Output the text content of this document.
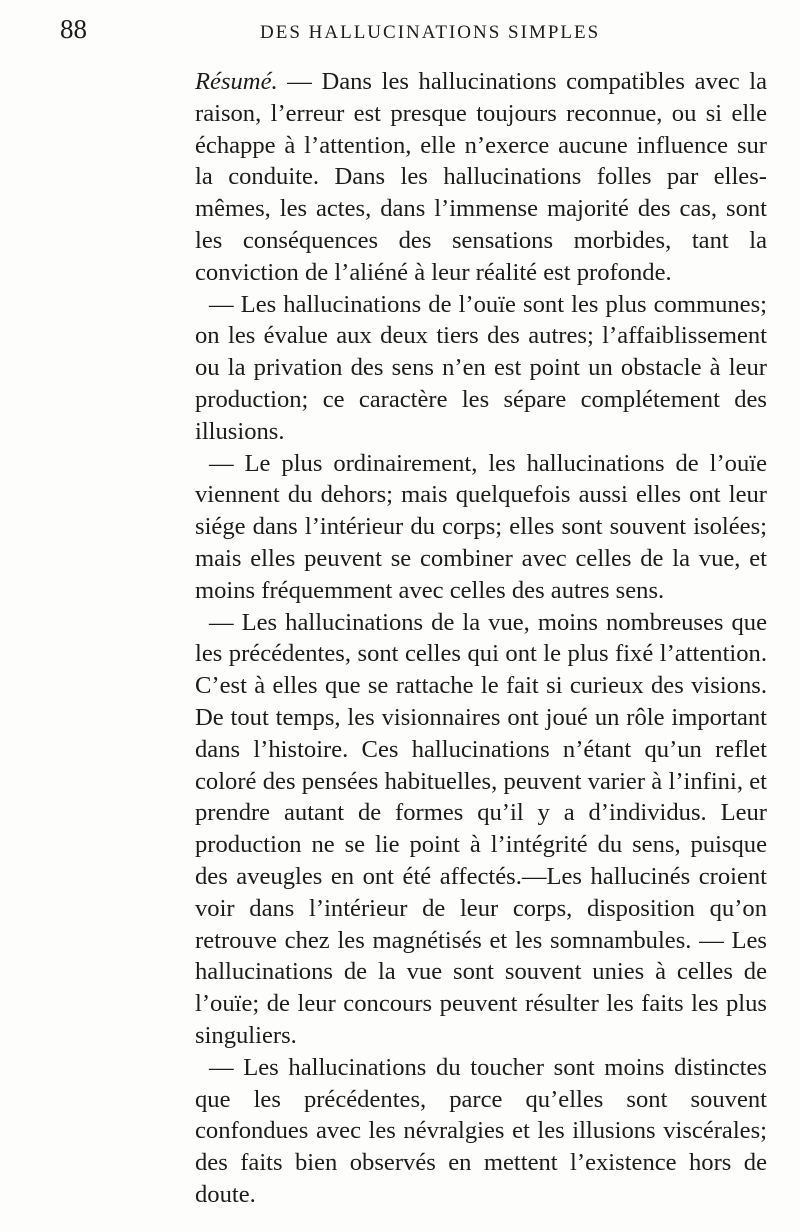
88	DES HALLUCINATIONS SIMPLES

Résumé. — Dans les hallucinations compatibles avec la raison, l’erreur est presque toujours reconnue, ou si elle échappe à l’attention, elle n’exerce aucune influence sur la conduite. Dans les hallucinations folles par elles-mêmes, les actes, dans l’immense majorité des cas, sont les conséquences des sensations morbides, tant la conviction de l’aliéné à leur réalité est profonde.

— Les hallucinations de l’ouïe sont les plus communes; on les évalue aux deux tiers des autres; l’affaiblissement ou la privation des sens n’en est point un obstacle à leur production; ce caractère les sépare complétement des illusions.

— Le plus ordinairement, les hallucinations de l’ouïe viennent du dehors; mais quelquefois aussi elles ont leur siége dans l’intérieur du corps; elles sont souvent isolées; mais elles peuvent se combiner avec celles de la vue, et moins fréquemment avec celles des autres sens.

— Les hallucinations de la vue, moins nombreuses que les précédentes, sont celles qui ont le plus fixé l’attention. C’est à elles que se rattache le fait si curieux des visions. De tout temps, les visionnaires ont joué un rôle important dans l’histoire. Ces hallucinations n’étant qu’un reflet coloré des pensées habituelles, peuvent varier à l’infini, et prendre autant de formes qu’il y a d’individus. Leur production ne se lie point à l’intégrité du sens, puisque des aveugles en ont été affectés.—Les hallucinés croient voir dans l’intérieur de leur corps, disposition qu’on retrouve chez les magnétisés et les somnambules. — Les hallucinations de la vue sont souvent unies à celles de l’ouïe; de leur concours peuvent résulter les faits les plus singuliers.

— Les hallucinations du toucher sont moins distinctes que les précédentes, parce qu’elles sont souvent confondues avec les névralgies et les illusions viscérales; des faits bien observés en mettent l’existence hors de doute.
